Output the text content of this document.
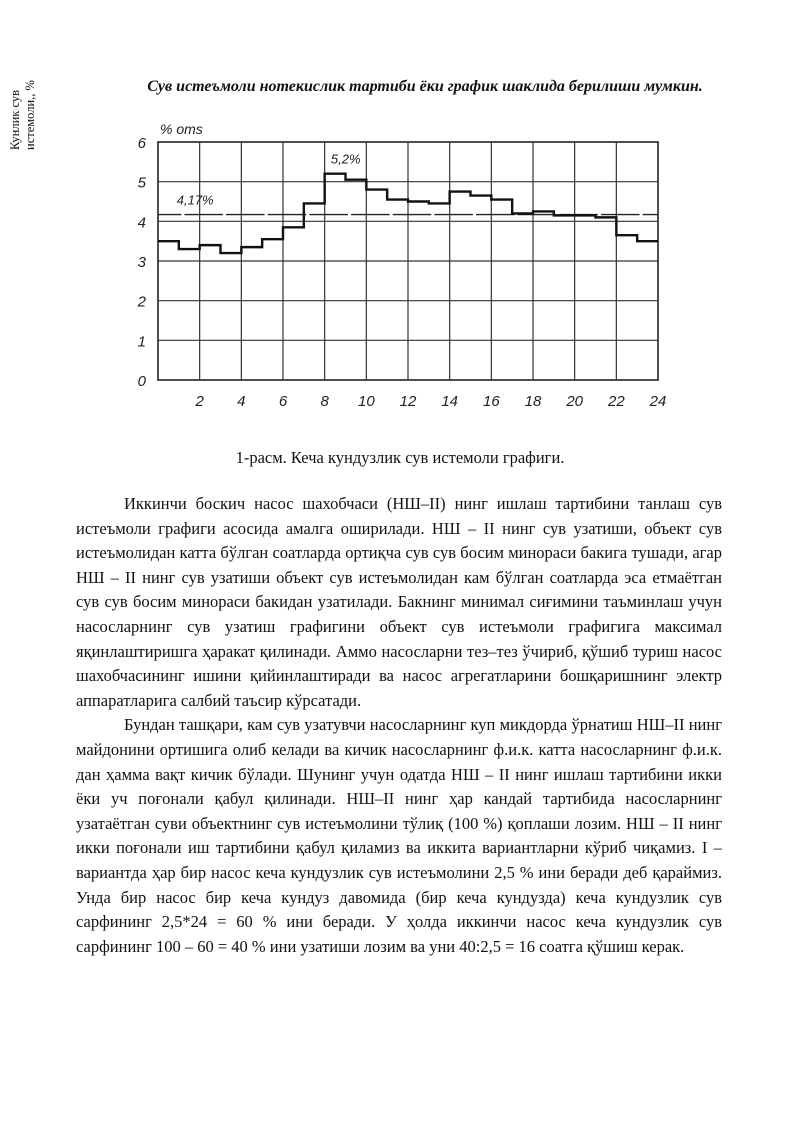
Кунлик сув истемоли,, %	Сув истеъмоли нотекислик тартиби ёки график шаклида берилиши мумкин.
0
1
2
3
4
5
6
2 4 6 8 10 12 14 16 18 20 22 24
% oms
4,17%
5,2%
1-расм. Кеча кундузлик сув истемоли графиги.

Иккинчи боскич насос шахобчаси (НШ–II) нинг ишлаш тартибини танлаш сув истеъмоли графиги асосида амалга оширилади. НШ – II нинг сув узатиши, объект сув истеъмолидан катта бўлган соатларда ортиқча сув сув босим минораси бакига тушади, агар НШ – II нинг сув узатиши объект сув истеъмолидан кам бўлган соатларда эса етмаётган сув сув босим минораси бакидан узатилади. Бакнинг минимал сиғимини таъминлаш учун насосларнинг сув узатиш графигини объект сув истеъмоли графигига максимал яқинлаштиришга ҳаракат қилинади. Аммо насосларни тез–тез ўчириб, қўшиб туриш насос шахобчасининг ишини қийинлаштиради ва насос агрегатларини бошқаришнинг электр аппаратларига салбий таъсир кўрсатади.

Бундан ташқари, кам сув узатувчи насосларнинг куп микдорда ўрнатиш НШ–II нинг майдонини ортишига олиб келади ва кичик насосларнинг ф.и.к. катта насосларнинг ф.и.к. дан ҳамма вақт кичик бўлади. Шунинг учун одатда НШ – II нинг ишлаш тартибини икки ёки уч поғонали қабул қилинади. НШ–II нинг ҳар кандай тартибида насосларнинг узатаётган суви объектнинг сув истеъмолини тўлиқ (100 %) қоплаши лозим. НШ – II нинг икки поғонали иш тартибини қабул қиламиз ва иккита вариантларни кўриб чиқамиз. I – вариантда ҳар бир насос кеча кундузлик сув истеъмолини 2,5 % ини беради деб қараймиз. Унда бир насос бир кеча кундуз давомида (бир кеча кундузда) кеча кундузлик сув сарфининг 2,5*24 = 60 % ини беради. У ҳолда иккинчи насос кеча кундузлик сув сарфининг 100 – 60 = 40 % ини узатиши лозим ва уни 40:2,5 = 16 соатга қўшиш керак.
